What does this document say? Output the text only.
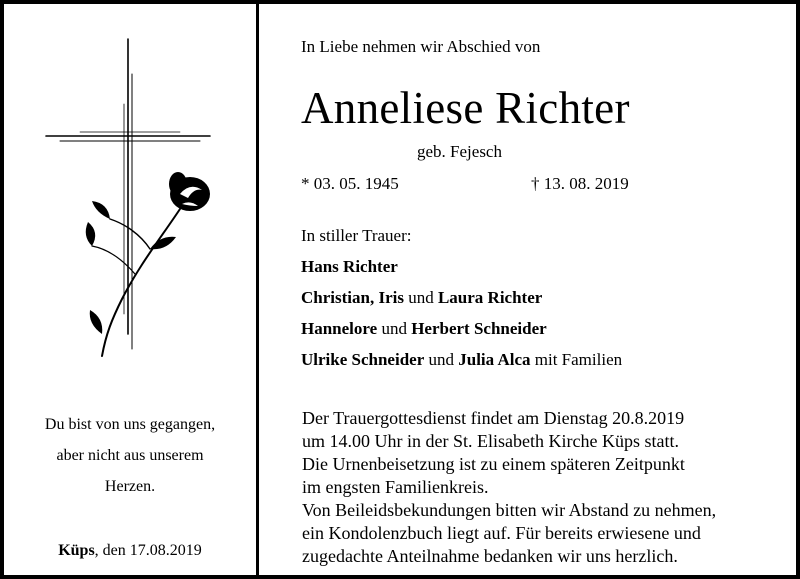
Du bist von uns gegangen,
aber nicht aus unserem
Herzen.
Küps, den 17.08.2019
In Liebe nehmen wir Abschied von
Anneliese Richter
geb. Fejesch
* 03. 05. 1945	† 13. 08. 2019
In stiller Trauer:
Hans Richter
Christian, Iris und Laura Richter
Hannelore und Herbert Schneider
Ulrike Schneider und Julia Alca mit Familien
Der Trauergottesdienst findet am Dienstag 20.8.2019
um 14.00 Uhr in der St. Elisabeth Kirche Küps statt.
Die Urnenbeisetzung ist zu einem späteren Zeitpunkt
im engsten Familienkreis.
Von Beileidsbekundungen bitten wir Abstand zu nehmen,
ein Kondolenzbuch liegt auf. Für bereits erwiesene und
zugedachte Anteilnahme bedanken wir uns herzlich.
